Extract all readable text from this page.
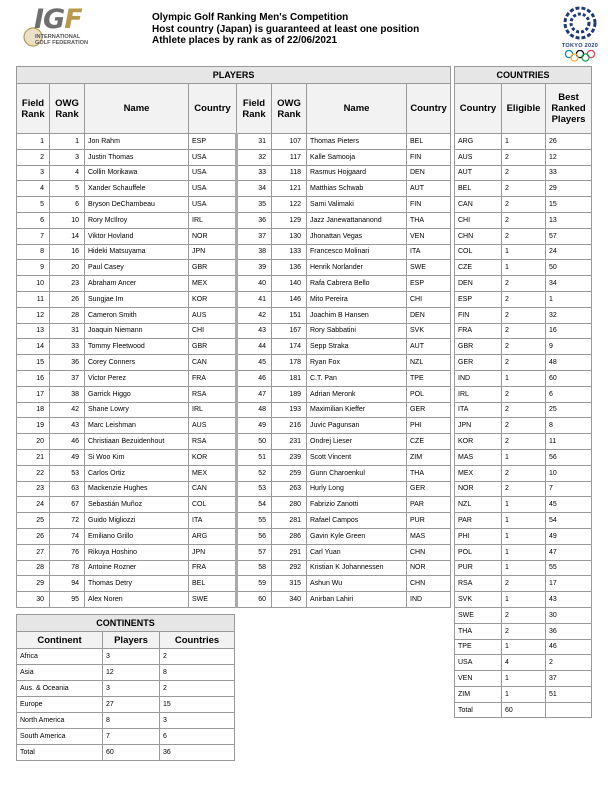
IGF
INTERNATIONAL
GOLF FEDERATION
Olympic Golf Ranking Men's Competition
Host country (Japan) is guaranteed at least one position
Athlete places by rank as of 22/06/2021	TOKYO 2020
PLAYERS							
Field Rank	OWG Rank	Name	Country	Field Rank	OWG Rank	Name	Country
1	1	Jon Rahm	ESP	31	107	Thomas Pieters	BEL
2	3	Justin Thomas	USA	32	117	Kalle Samooja	FIN
3	4	Collin Morikawa	USA	33	118	Rasmus Hojgaard	DEN
4	5	Xander Schauffele	USA	34	121	Matthias Schwab	AUT
5	6	Bryson DeChambeau	USA	35	122	Sami Valimaki	FIN
6	10	Rory McIlroy	IRL	36	129	Jazz Janewattananond	THA
7	14	Viktor Hovland	NOR	37	130	Jhonattan Vegas	VEN
8	16	Hideki Matsuyama	JPN	38	133	Francesco Molinari	ITA
9	20	Paul Casey	GBR	39	136	Henrik Norlander	SWE
10	23	Abraham Ancer	MEX	40	140	Rafa Cabrera Bello	ESP
11	26	Sungjae Im	KOR	41	146	Mito Pereira	CHI
12	28	Cameron Smith	AUS	42	151	Joachim B Hansen	DEN
13	31	Joaquin Niemann	CHI	43	167	Rory Sabbatini	SVK
14	33	Tommy Fleetwood	GBR	44	174	Sepp Straka	AUT
15	36	Corey Conners	CAN	45	178	Ryan Fox	NZL
16	37	Victor Perez	FRA	46	181	C.T. Pan	TPE
17	38	Garrick Higgo	RSA	47	189	Adrian Meronk	POL
18	42	Shane Lowry	IRL	48	193	Maximilian Kieffer	GER
19	43	Marc Leishman	AUS	49	216	Juvic Pagunsan	PHI
20	46	Christiaan Bezuidenhout	RSA	50	231	Ondrej Lieser	CZE
21	49	Si Woo Kim	KOR	51	239	Scott Vincent	ZIM
22	53	Carlos Ortiz	MEX	52	259	Gunn Charoenkul	THA
23	63	Mackenzie Hughes	CAN	53	263	Hurly Long	GER
24	67	Sebastián Muñoz	COL	54	280	Fabrizio Zanotti	PAR
25	72	Guido Migliozzi	ITA	55	281	Rafael Campos	PUR
26	74	Emiliano Grillo	ARG	56	286	Gavin Kyle Green	MAS
27	76	Rikuya Hoshino	JPN	57	291	Carl Yuan	CHN
28	78	Antoine Rozner	FRA	58	292	Kristian K Johannessen	NOR
29	94	Thomas Detry	BEL	59	315	Ashun Wu	CHN
30	95	Alex Noren	SWE	60	340	Anirban Lahiri	IND
COUNTRIES		
Country	Eligible	Best Ranked Players
ARG	1	26
AUS	2	12
AUT	2	33
BEL	2	29
CAN	2	15
CHI	2	13
CHN	2	57
COL	1	24
CZE	1	50
DEN	2	34
ESP	2	1
FIN	2	32
FRA	2	16
GBR	2	9
GER	2	48
IND	1	60
IRL	2	6
ITA	2	25
JPN	2	8
KOR	2	11
MAS	1	56
MEX	2	10
NOR	2	7
NZL	1	45
PAR	1	54
PHI	1	49
POL	1	47
PUR	1	55
RSA	2	17
SVK	1	43
SWE	2	30
THA	2	36
TPE	1	46
USA	4	2
VEN	1	37
ZIM	1	51
Total	60	
CONTINENTS		
Continent	Players	Countries
Africa	3	2
Asia	12	8
Aus. & Oceania	3	2
Europe	27	15
North America	8	3
South America	7	6
Total	60	36
